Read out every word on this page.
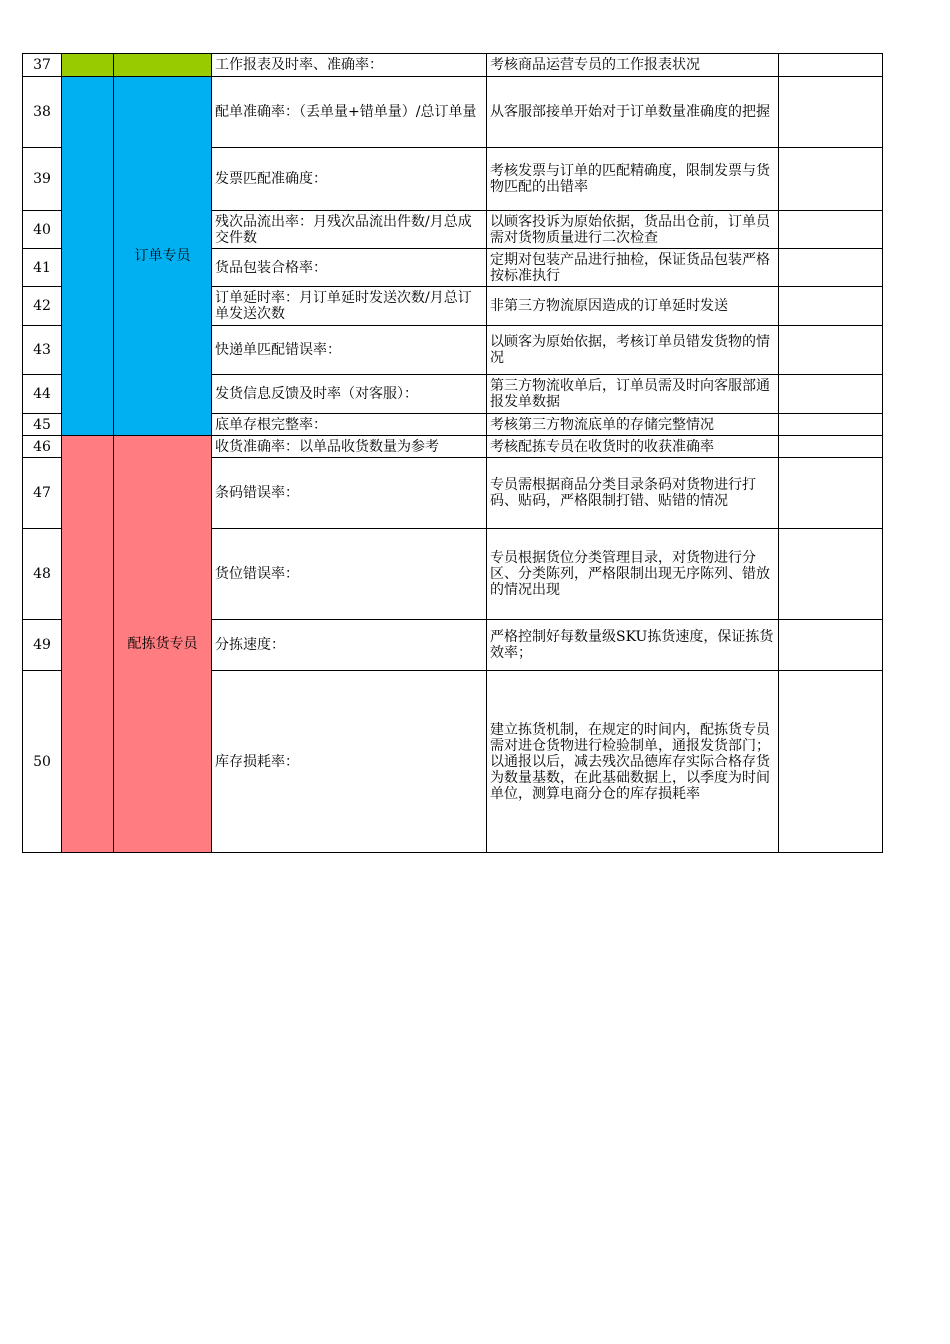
37			工作报表及时率、准确率：	考核商品运营专员的工作报表状况	
38		订单专员	配单准确率：（丢单量+错单量）/总订单量	从客服部接单开始对于订单数量准确度的把握	
39			发票匹配准确度：	考核发票与订单的匹配精确度，限制发票与货物匹配的出错率	
40			残次品流出率：月残次品流出件数/月总成交件数	以顾客投诉为原始依据，货品出仓前，订单员需对货物质量进行二次检查	
41			货品包装合格率：	定期对包装产品进行抽检，保证货品包装严格按标准执行	
42			订单延时率：月订单延时发送次数/月总订单发送次数	非第三方物流原因造成的订单延时发送	
43			快递单匹配错误率：	以顾客为原始依据，考核订单员错发货物的情况	
44			发货信息反馈及时率（对客服）：	第三方物流收单后，订单员需及时向客服部通报发单数据	
45			底单存根完整率：	考核第三方物流底单的存储完整情况	
46		配拣货专员	收货准确率：以单品收货数量为参考	考核配拣专员在收货时的收获准确率	
47			条码错误率：	专员需根据商品分类目录条码对货物进行打码、贴码，严格限制打错、贴错的情况	
48			货位错误率：	专员根据货位分类管理目录，对货物进行分区、分类陈列，严格限制出现无序陈列、错放的情况出现	
49			分拣速度：	严格控制好每数量级SKU拣货速度，保证拣货效率；	
50			库存损耗率：	建立拣货机制，在规定的时间内，配拣货专员需对进仓货物进行检验制单，通报发货部门；以通报以后，减去残次品德库存实际合格存货为数量基数，在此基础数据上，以季度为时间单位，测算电商分仓的库存损耗率	
